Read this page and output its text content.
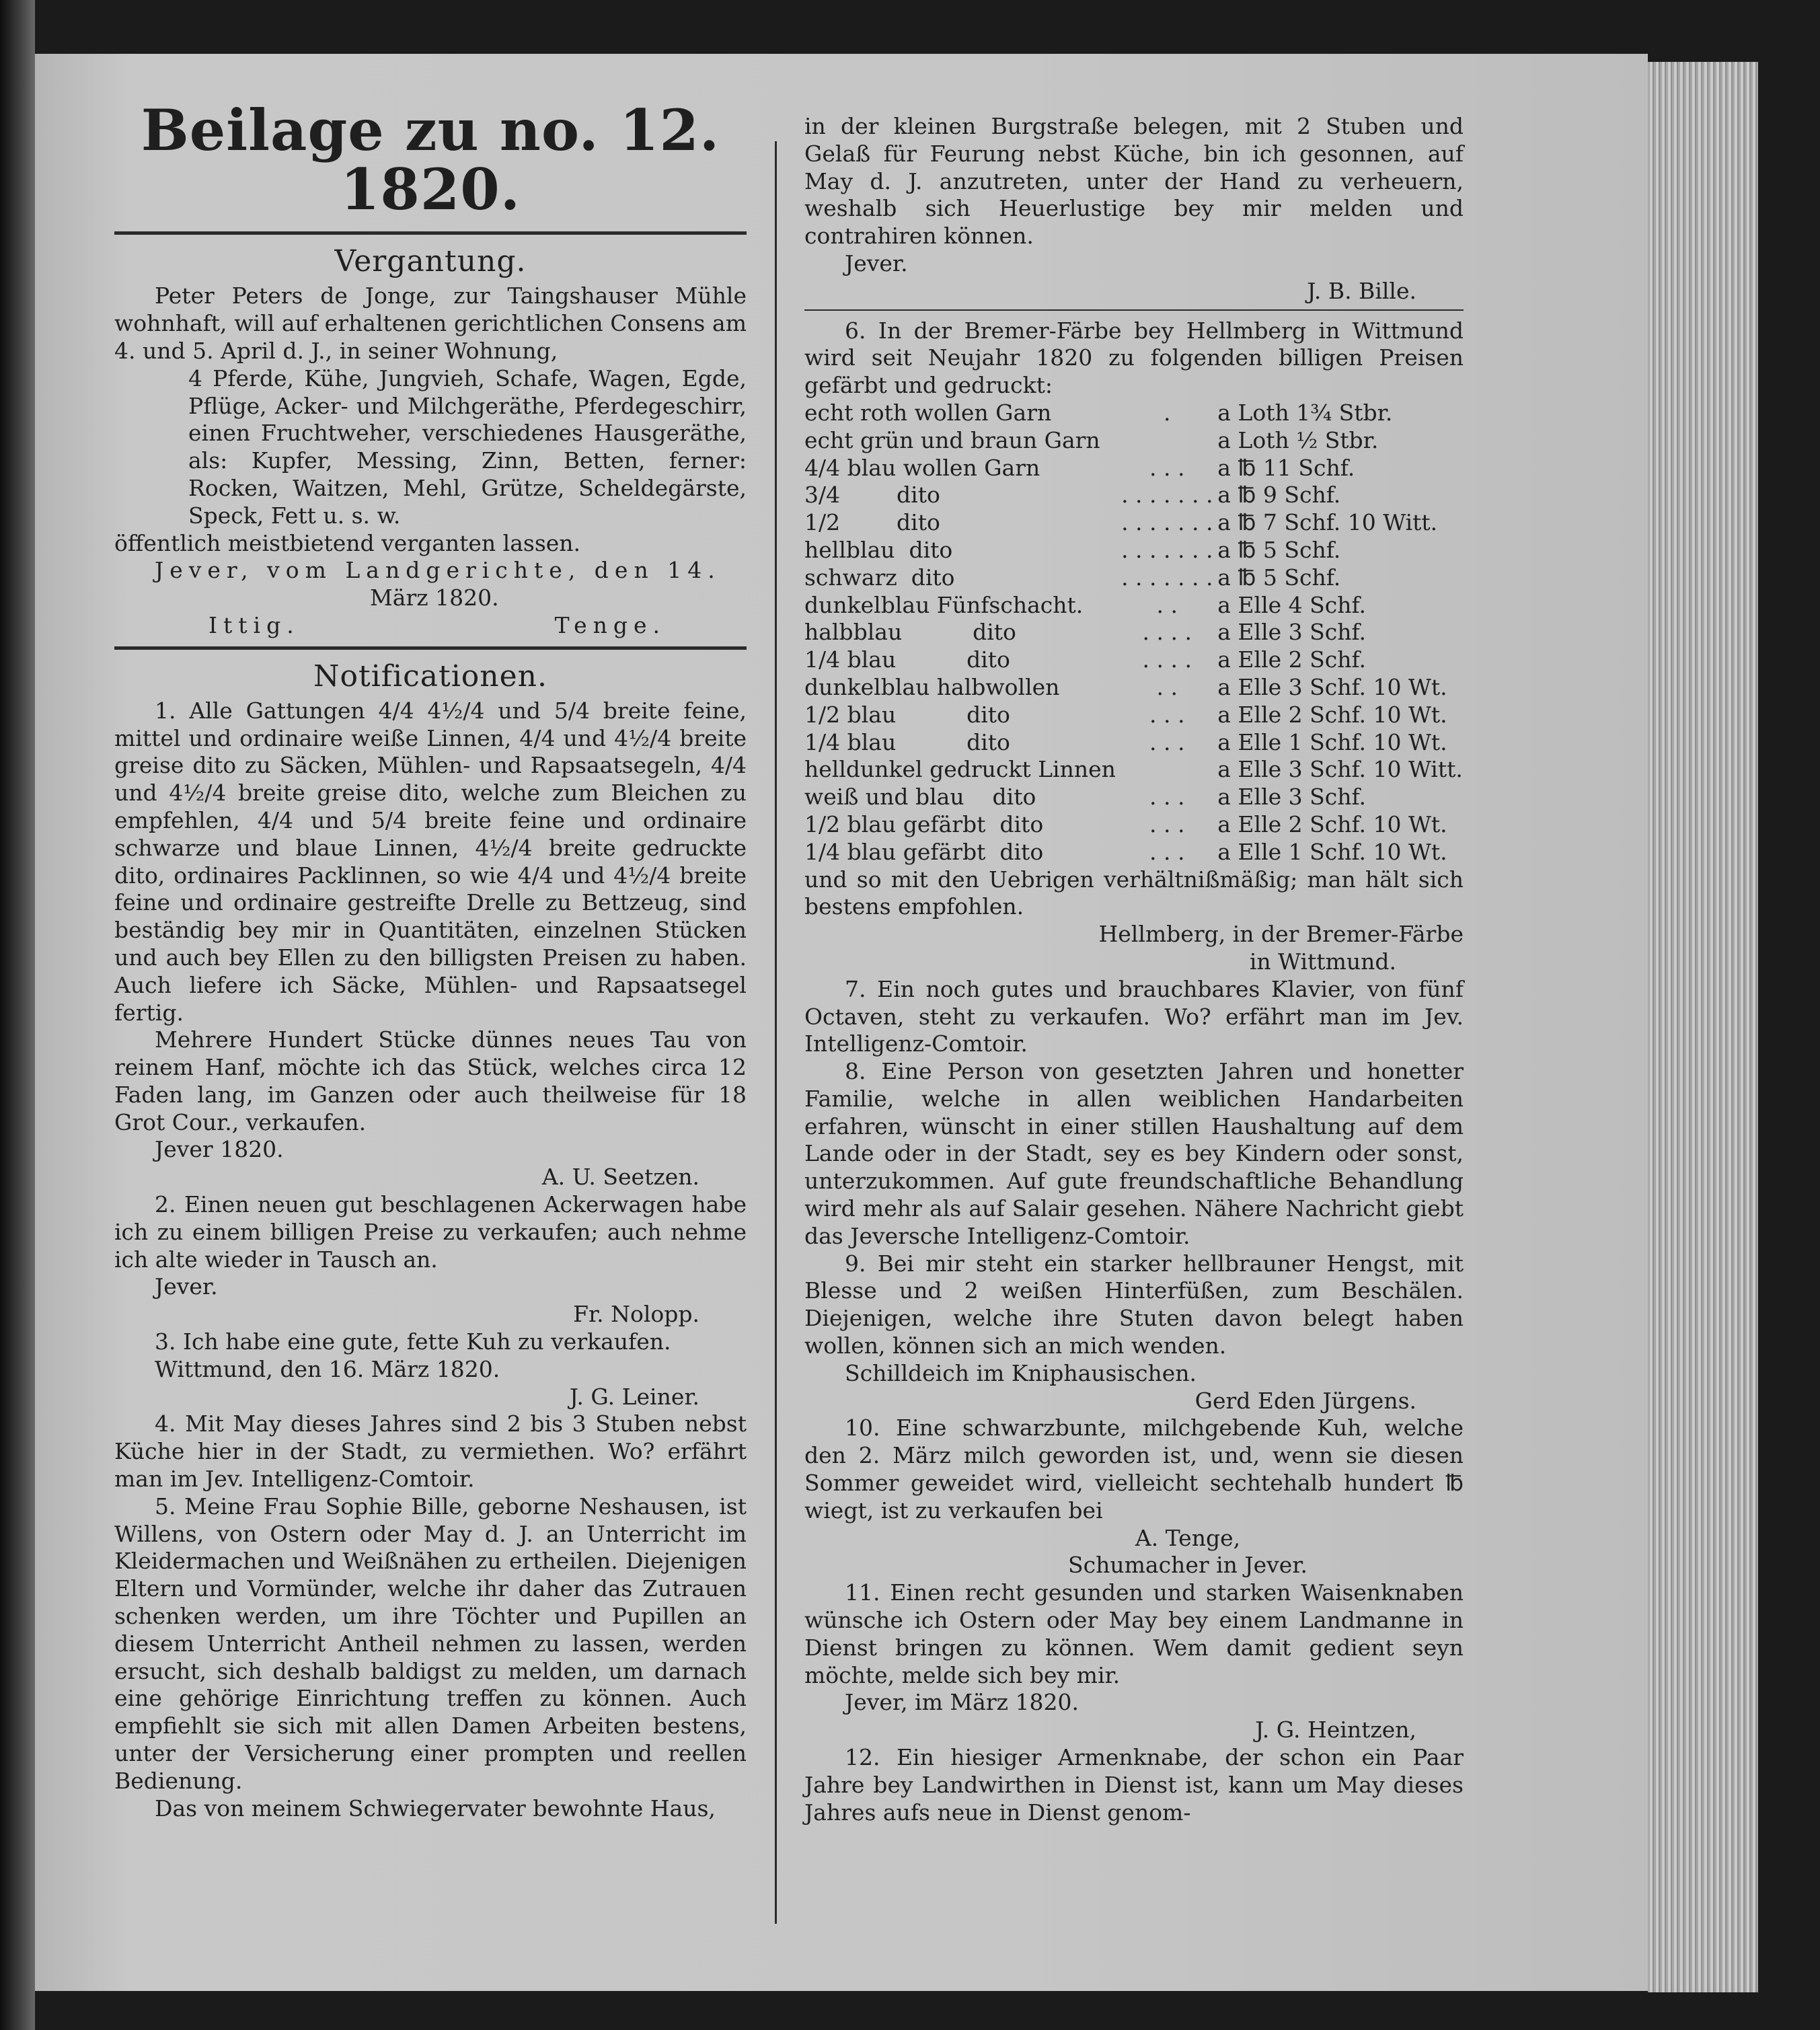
Beilage zu no. 12. 1820.
Vergantung.

Peter Peters de Jonge, zur Taingshauser Mühle wohnhaft, will auf erhaltenen gerichtlichen Consens am 4. und 5. April d. J., in seiner Wohnung,

4 Pferde, Kühe, Jungvieh, Schafe, Wagen, Egde, Pflüge, Acker- und Milchgeräthe, Pferdegeschirr, einen Fruchtweher, verschiedenes Hausgeräthe, als: Kupfer, Messing, Zinn, Betten, ferner: Rocken, Waitzen, Mehl, Grütze, Scheldegärste, Speck, Fett u. s. w.

öffentlich meistbietend verganten lassen.

Jever, vom Landgerichte, den 14.

März 1820.

Ittig.	Tenge.

Notificationen.

1. Alle Gattungen 4/4 4½/4 und 5/4 breite feine, mittel und ordinaire weiße Linnen, 4/4 und 4½/4 breite greise dito zu Säcken, Mühlen- und Rapsaatsegeln, 4/4 und 4½/4 breite greise dito, welche zum Bleichen zu empfehlen, 4/4 und 5/4 breite feine und ordinaire schwarze und blaue Linnen, 4½/4 breite gedruckte dito, ordinaires Packlinnen, so wie 4/4 und 4½/4 breite feine und ordinaire gestreifte Drelle zu Bettzeug, sind beständig bey mir in Quantitäten, einzelnen Stücken und auch bey Ellen zu den billigsten Preisen zu haben. Auch liefere ich Säcke, Mühlen- und Rapsaatsegel fertig.

Mehrere Hundert Stücke dünnes neues Tau von reinem Hanf, möchte ich das Stück, welches circa 12 Faden lang, im Ganzen oder auch theilweise für 18 Grot Cour., verkaufen.

Jever 1820.

A. U. Seetzen.

2. Einen neuen gut beschlagenen Ackerwagen habe ich zu einem billigen Preise zu verkaufen; auch nehme ich alte wieder in Tausch an.

Jever.

Fr. Nolopp.

3. Ich habe eine gute, fette Kuh zu verkaufen.

Wittmund, den 16. März 1820.

J. G. Leiner.

4. Mit May dieses Jahres sind 2 bis 3 Stuben nebst Küche hier in der Stadt, zu vermiethen. Wo? erfährt man im Jev. Intelligenz-Comtoir.

5. Meine Frau Sophie Bille, geborne Neshausen, ist Willens, von Ostern oder May d. J. an Unterricht im Kleidermachen und Weißnähen zu ertheilen. Diejenigen Eltern und Vormünder, welche ihr daher das Zutrauen schenken werden, um ihre Töchter und Pupillen an diesem Unterricht Antheil nehmen zu lassen, werden ersucht, sich deshalb baldigst zu melden, um darnach eine gehörige Einrichtung treffen zu können. Auch empfiehlt sie sich mit allen Damen Arbeiten bestens, unter der Versicherung einer prompten und reellen Bedienung.

Das von meinem Schwiegervater bewohnte Haus,

in der kleinen Burgstraße belegen, mit 2 Stuben und Gelaß für Feurung nebst Küche, bin ich gesonnen, auf May d. J. anzutreten, unter der Hand zu verheuern, weshalb sich Heuerlustige bey mir melden und contrahiren können.

Jever.

J. B. Bille.

6. In der Bremer-Färbe bey Hellmberg in Wittmund wird seit Neujahr 1820 zu folgenden billigen Preisen gefärbt und gedruckt:

echt roth wollen Garn	.	a Loth 1¾ Stbr.
echt grün und braun Garn		a Loth ½ Stbr.
4/4 blau wollen Garn	. . .	a ℔ 11 Schf.
3/4        dito	. . . . . . .	a ℔ 9 Schf.
1/2        dito	. . . . . . .	a ℔ 7 Schf. 10 Witt.
hellblau  dito	. . . . . . .	a ℔ 5 Schf.
schwarz  dito	. . . . . . .	a ℔ 5 Schf.
dunkelblau Fünfschacht.	. .	a Elle 4 Schf.
halbblau          dito	. . . .	a Elle 3 Schf.
1/4 blau          dito	. . . .	a Elle 2 Schf.
dunkelblau halbwollen	. .	a Elle 3 Schf. 10 Wt.
1/2 blau          dito	. . .	a Elle 2 Schf. 10 Wt.
1/4 blau          dito	. . .	a Elle 1 Schf. 10 Wt.
helldunkel gedruckt Linnen		a Elle 3 Schf. 10 Witt.
weiß und blau    dito	. . .	a Elle 3 Schf.
1/2 blau gefärbt  dito	. . .	a Elle 2 Schf. 10 Wt.
1/4 blau gefärbt  dito	. . .	a Elle 1 Schf. 10 Wt.

und so mit den Uebrigen verhältnißmäßig; man hält sich bestens empfohlen.

Hellmberg, in der Bremer-Färbe

in Wittmund.

7. Ein noch gutes und brauchbares Klavier, von fünf Octaven, steht zu verkaufen. Wo? erfährt man im Jev. Intelligenz-Comtoir.

8. Eine Person von gesetzten Jahren und honetter Familie, welche in allen weiblichen Handarbeiten erfahren, wünscht in einer stillen Haushaltung auf dem Lande oder in der Stadt, sey es bey Kindern oder sonst, unterzukommen. Auf gute freundschaftliche Behandlung wird mehr als auf Salair gesehen. Nähere Nachricht giebt das Jeversche Intelligenz-Comtoir.

9. Bei mir steht ein starker hellbrauner Hengst, mit Blesse und 2 weißen Hinterfüßen, zum Beschälen. Diejenigen, welche ihre Stuten davon belegt haben wollen, können sich an mich wenden.

Schilldeich im Kniphausischen.

Gerd Eden Jürgens.

10. Eine schwarzbunte, milchgebende Kuh, welche den 2. März milch geworden ist, und, wenn sie diesen Sommer geweidet wird, vielleicht sechtehalb hundert ℔ wiegt, ist zu verkaufen bei

A. Tenge,

Schumacher in Jever.

11. Einen recht gesunden und starken Waisenknaben wünsche ich Ostern oder May bey einem Landmanne in Dienst bringen zu können. Wem damit gedient seyn möchte, melde sich bey mir.

Jever, im März 1820.

J. G. Heintzen,

12. Ein hiesiger Armenknabe, der schon ein Paar Jahre bey Landwirthen in Dienst ist, kann um May dieses Jahres aufs neue in Dienst genom-
